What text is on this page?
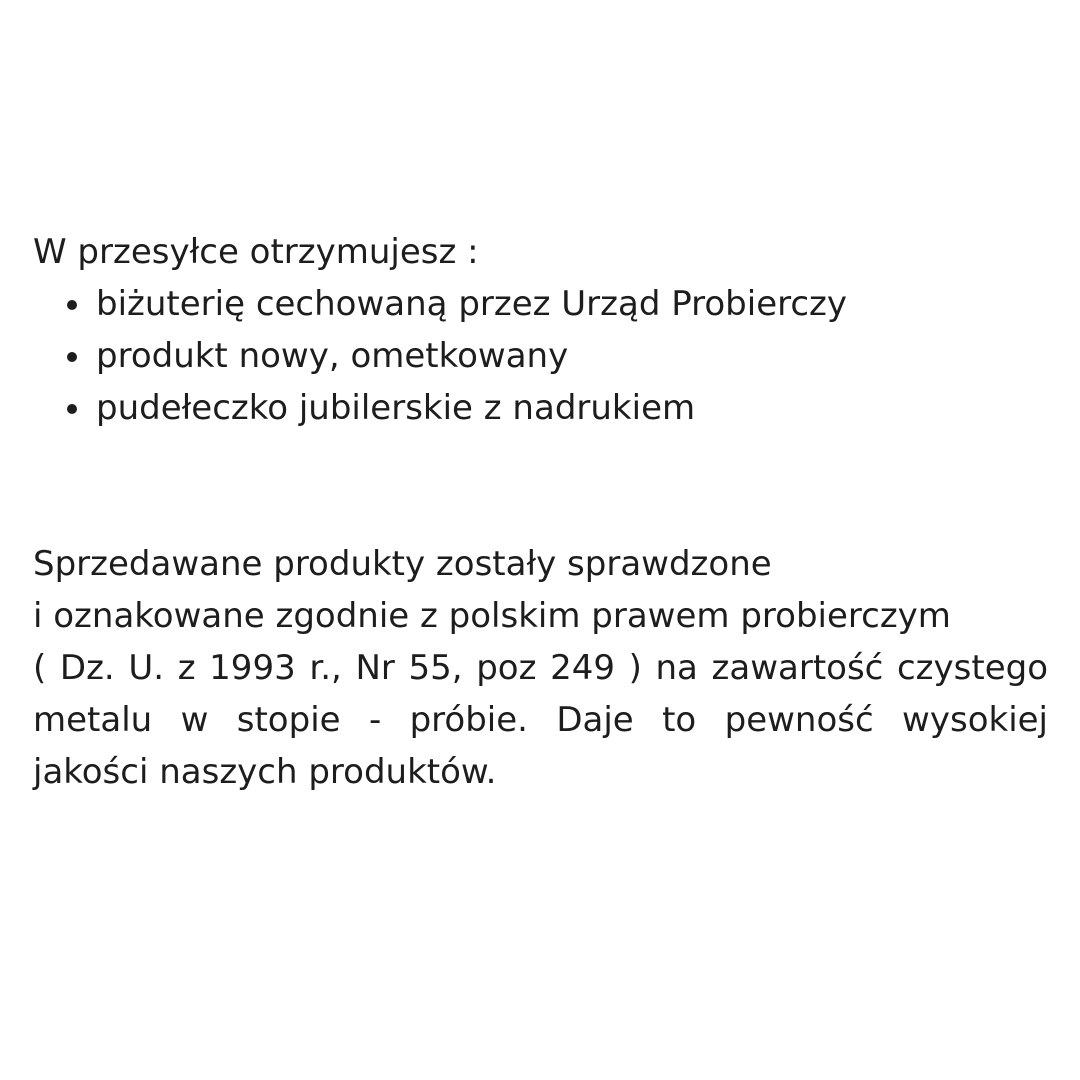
W przesyłce otrzymujesz :

biżuterię cechowaną przez Urząd Probierczy
produkt nowy, ometkowany
pudełeczko jubilerskie z nadrukiem

Sprzedawane produkty zostały sprawdzone

i oznakowane zgodnie z polskim prawem probierczym

( Dz. U. z 1993 r., Nr 55, poz 249 ) na zawartość czystego
metalu w stopie - próbie. Daje to pewność wysokiej
jakości naszych produktów.
